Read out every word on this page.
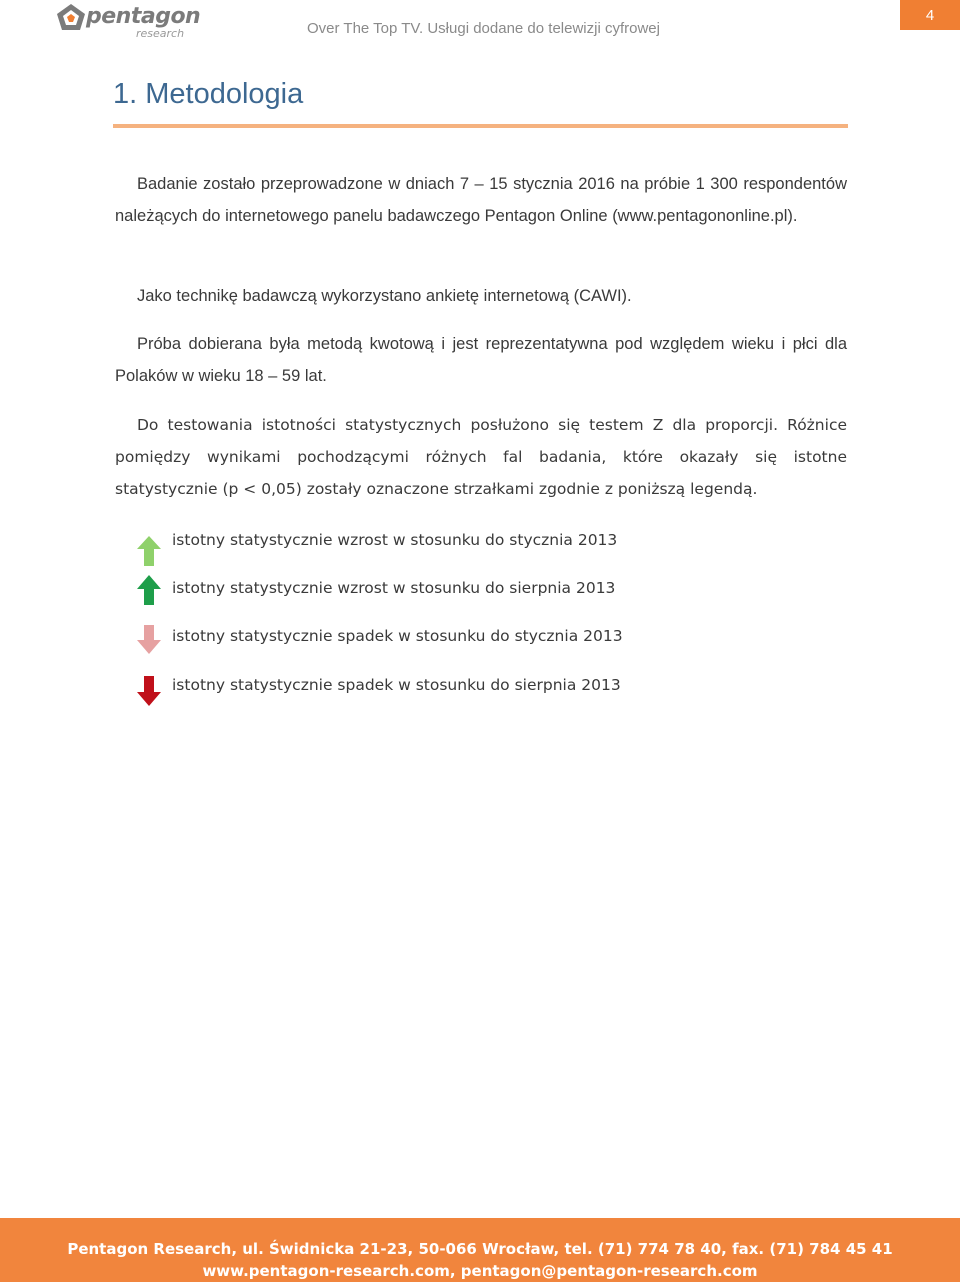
pentagon
research	Over The Top TV. Usługi dodane do telewizji cyfrowej
4
1. Metodologia

Badanie zostało przeprowadzone w dniach 7 – 15 stycznia 2016 na próbie 1 300 respondentów należących do internetowego panelu badawczego Pentagon Online (www.pentagononline.pl).

Jako technikę badawczą wykorzystano ankietę internetową (CAWI).

Próba dobierana była metodą kwotową i jest reprezentatywna pod względem wieku i płci dla Polaków w wieku 18 – 59 lat.

Do testowania istotności statystycznych posłużono się testem Z dla proporcji. Różnice pomiędzy wynikami pochodzącymi różnych fal badania, które okazały się istotne statystycznie (p < 0,05) zostały oznaczone strzałkami zgodnie z poniższą legendą.

istotny statystycznie wzrost w stosunku do stycznia 2013
istotny statystycznie wzrost w stosunku do sierpnia 2013
istotny statystycznie spadek w stosunku do stycznia 2013
istotny statystycznie spadek w stosunku do sierpnia 2013
Pentagon Research, ul. Świdnicka 21-23, 50-066 Wrocław, tel. (71) 774 78 40, fax. (71) 784 45 41
www.pentagon-research.com, pentagon@pentagon-research.com
